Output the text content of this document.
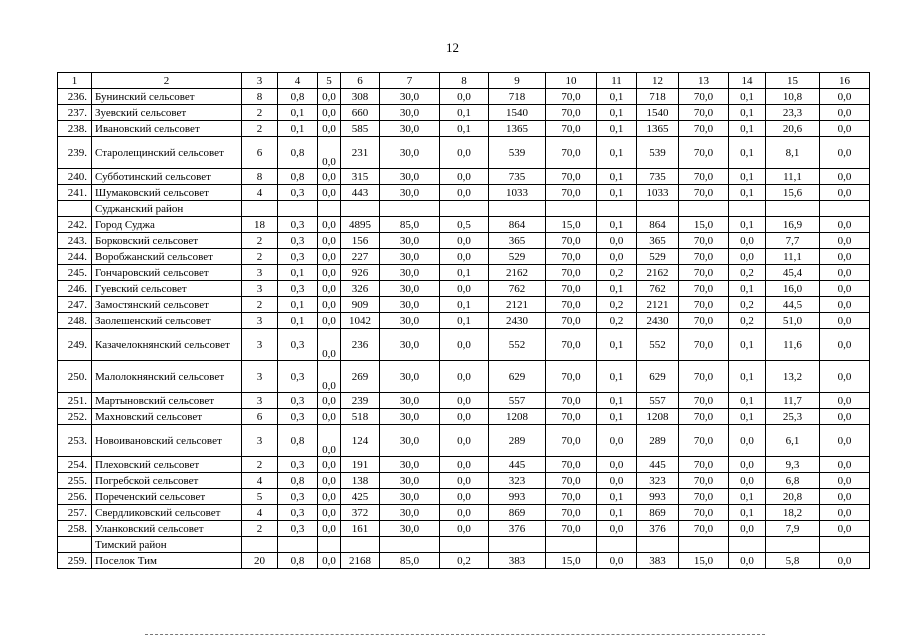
12
1	2	3	4	5	6	7	8	9	10	11	12	13	14	15	16
236.	Бунинский сельсовет	8	0,8	0,0	308	30,0	0,0	718	70,0	0,1	718	70,0	0,1	10,8	0,0
237.	Зуевский сельсовет	2	0,1	0,0	660	30,0	0,1	1540	70,0	0,1	1540	70,0	0,1	23,3	0,0
238.	Ивановский сельсовет	2	0,1	0,0	585	30,0	0,1	1365	70,0	0,1	1365	70,0	0,1	20,6	0,0
239.	Старолещинский сельсовет	6	0,8	0,0	231	30,0	0,0	539	70,0	0,1	539	70,0	0,1	8,1	0,0
240.	Субботинский сельсовет	8	0,8	0,0	315	30,0	0,0	735	70,0	0,1	735	70,0	0,1	11,1	0,0
241.	Шумаковский сельсовет	4	0,3	0,0	443	30,0	0,0	1033	70,0	0,1	1033	70,0	0,1	15,6	0,0
	Суджанский район														
242.	Город Суджа	18	0,3	0,0	4895	85,0	0,5	864	15,0	0,1	864	15,0	0,1	16,9	0,0
243.	Борковский сельсовет	2	0,3	0,0	156	30,0	0,0	365	70,0	0,0	365	70,0	0,0	7,7	0,0
244.	Воробжанский сельсовет	2	0,3	0,0	227	30,0	0,0	529	70,0	0,0	529	70,0	0,0	11,1	0,0
245.	Гончаровский сельсовет	3	0,1	0,0	926	30,0	0,1	2162	70,0	0,2	2162	70,0	0,2	45,4	0,0
246.	Гуевский сельсовет	3	0,3	0,0	326	30,0	0,0	762	70,0	0,1	762	70,0	0,1	16,0	0,0
247.	Замостянский сельсовет	2	0,1	0,0	909	30,0	0,1	2121	70,0	0,2	2121	70,0	0,2	44,5	0,0
248.	Заолешенский сельсовет	3	0,1	0,0	1042	30,0	0,1	2430	70,0	0,2	2430	70,0	0,2	51,0	0,0
249.	Казачелокнянский сельсовет	3	0,3	0,0	236	30,0	0,0	552	70,0	0,1	552	70,0	0,1	11,6	0,0
250.	Малолокнянский сельсовет	3	0,3	0,0	269	30,0	0,0	629	70,0	0,1	629	70,0	0,1	13,2	0,0
251.	Мартыновский сельсовет	3	0,3	0,0	239	30,0	0,0	557	70,0	0,1	557	70,0	0,1	11,7	0,0
252.	Махновский сельсовет	6	0,3	0,0	518	30,0	0,0	1208	70,0	0,1	1208	70,0	0,1	25,3	0,0
253.	Новоивановский сельсовет	3	0,8	0,0	124	30,0	0,0	289	70,0	0,0	289	70,0	0,0	6,1	0,0
254.	Плеховский сельсовет	2	0,3	0,0	191	30,0	0,0	445	70,0	0,0	445	70,0	0,0	9,3	0,0
255.	Погребской сельсовет	4	0,8	0,0	138	30,0	0,0	323	70,0	0,0	323	70,0	0,0	6,8	0,0
256.	Пореченский сельсовет	5	0,3	0,0	425	30,0	0,0	993	70,0	0,1	993	70,0	0,1	20,8	0,0
257.	Свердликовский сельсовет	4	0,3	0,0	372	30,0	0,0	869	70,0	0,1	869	70,0	0,1	18,2	0,0
258.	Уланковский сельсовет	2	0,3	0,0	161	30,0	0,0	376	70,0	0,0	376	70,0	0,0	7,9	0,0
	Тимский район														
259.	Поселок Тим	20	0,8	0,0	2168	85,0	0,2	383	15,0	0,0	383	15,0	0,0	5,8	0,0
